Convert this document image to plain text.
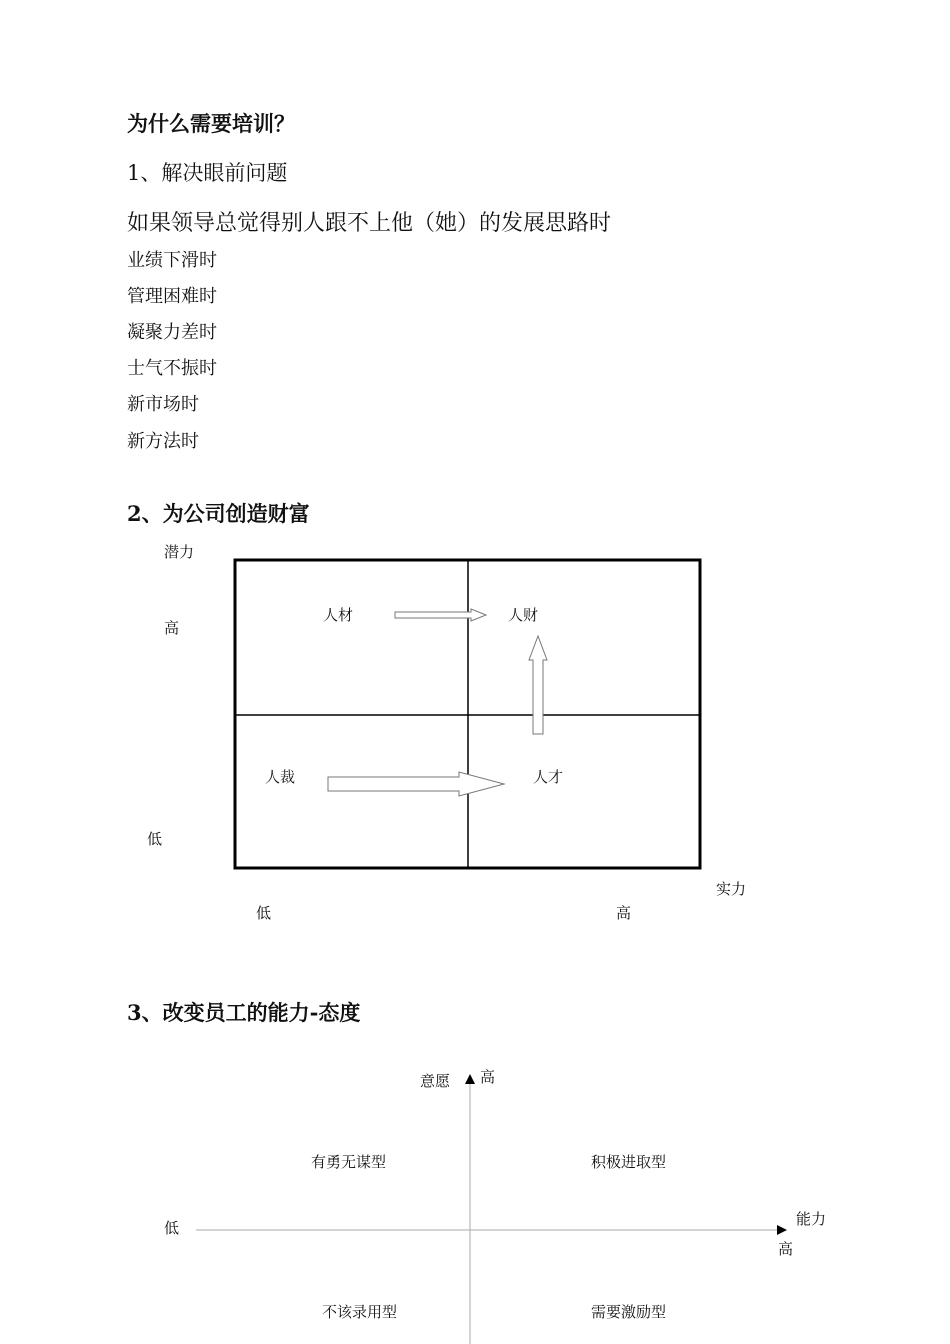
为什么需要培训？
1、解决眼前问题
如果领导总觉得别人跟不上他（她）的发展思路时
业绩下滑时
管理困难时
凝聚力差时
士气不振时
新市场时
新方法时
2、为公司创造财富
潜力
高
低
实力
低	高
人材	人财
人裁	人才
3、改变员工的能力-态度
意愿 高
低	能力
高
有勇无谋型	积极进取型
不该录用型	需要激励型
